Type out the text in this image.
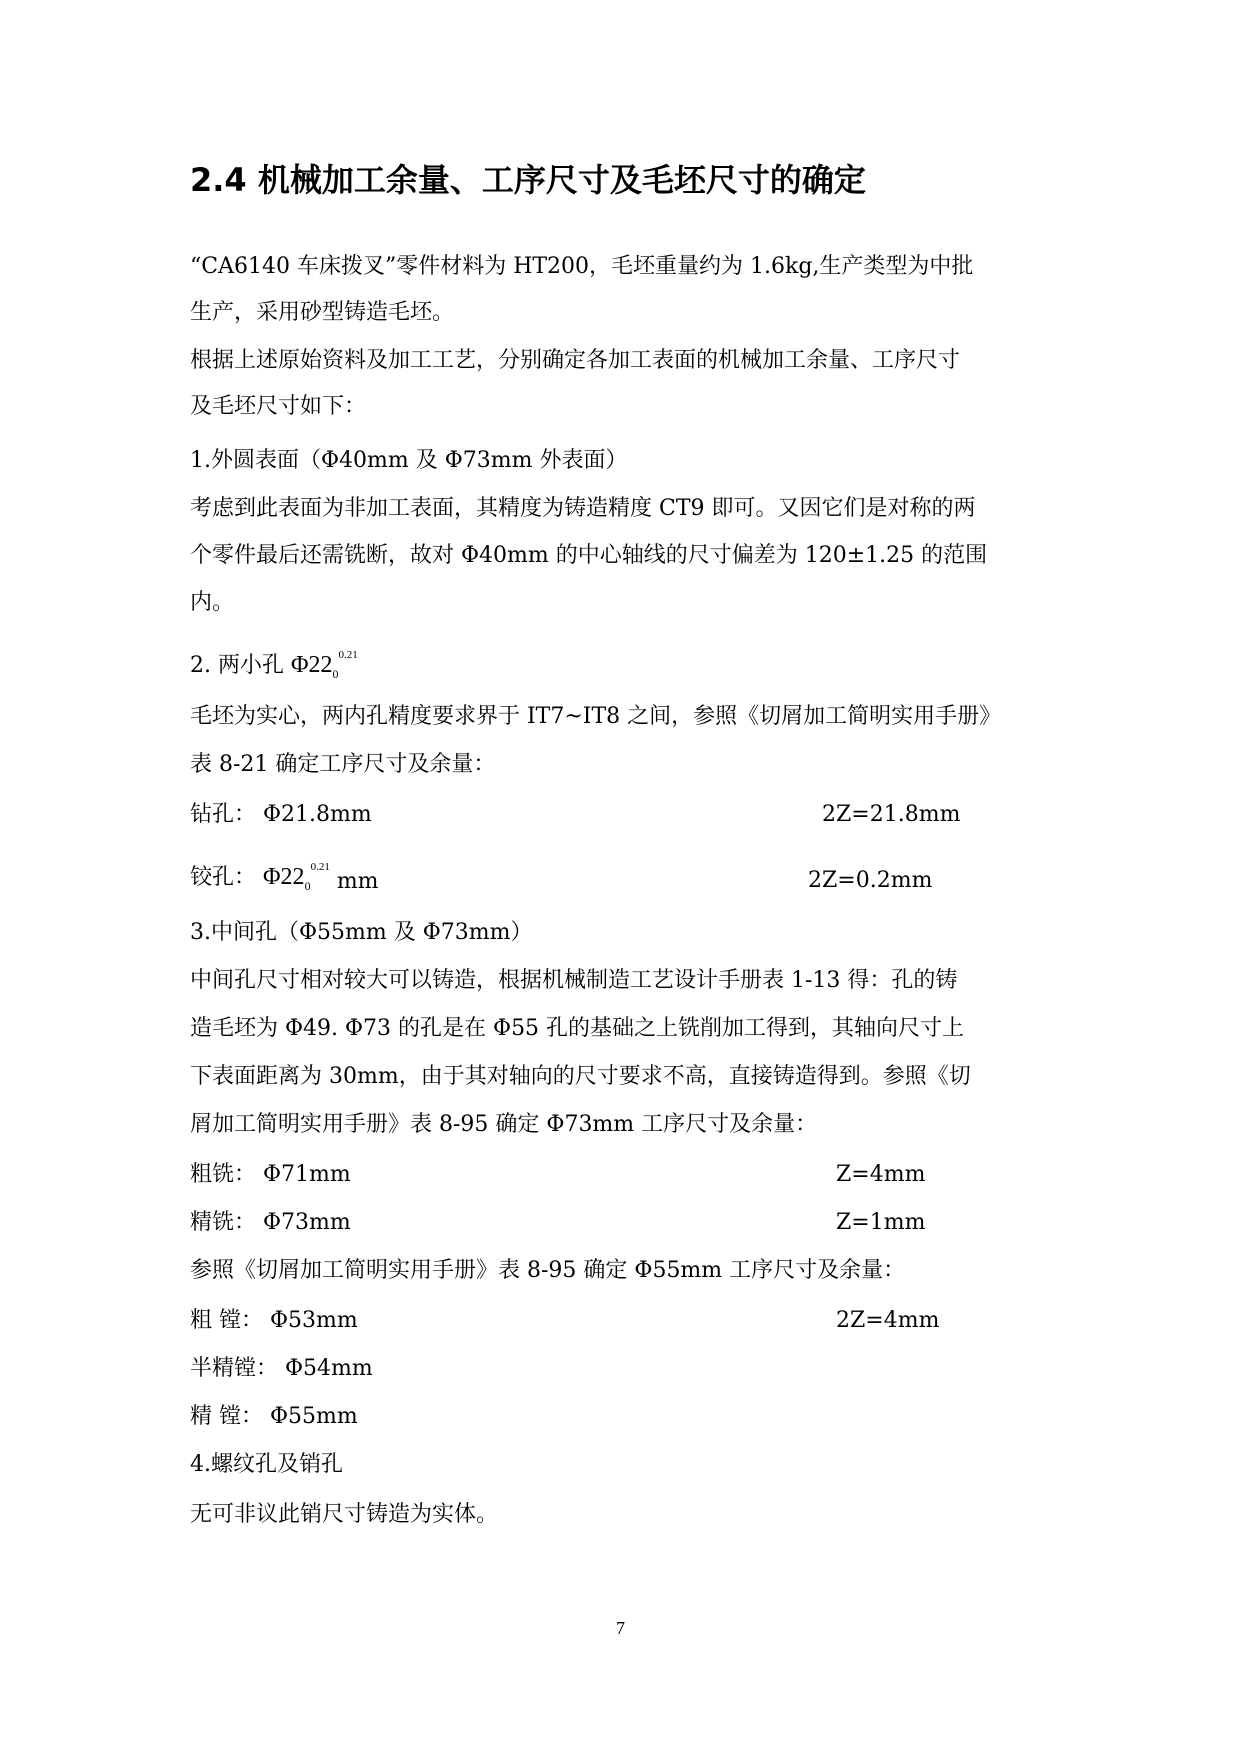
2.4 机械加工余量、工序尺寸及毛坯尺寸的确定
“CA6140 车床拨叉”零件材料为 HT200，毛坯重量约为 1.6kg,生产类型为中批
生产，采用砂型铸造毛坯。
根据上述原始资料及加工工艺，分别确定各加工表面的机械加工余量、工序尺寸
及毛坯尺寸如下：
1.外圆表面（Φ40mm 及 Φ73mm 外表面）
考虑到此表面为非加工表面，其精度为铸造精度 CT9 即可。又因它们是对称的两
个零件最后还需铣断，故对 Φ40mm 的中心轴线的尺寸偏差为 120±1.25 的范围
内。
2. 两小孔 $\Phi 22_0^{0.21}$
毛坯为实心，两内孔精度要求界于 IT7~IT8 之间，参照《切屑加工简明实用手册》
表 8-21 确定工序尺寸及余量：
钻孔： Φ21.8mm	2Z=21.8mm
铰孔： $\Phi 22_0^{0.21}$ mm	2Z=0.2mm
3.中间孔（Φ55mm 及 Φ73mm）
中间孔尺寸相对较大可以铸造，根据机械制造工艺设计手册表 1-13 得：孔的铸
造毛坯为 Φ49. Φ73 的孔是在 Φ55 孔的基础之上铣削加工得到，其轴向尺寸上
下表面距离为 30mm，由于其对轴向的尺寸要求不高，直接铸造得到。参照《切
屑加工简明实用手册》表 8-95 确定 Φ73mm 工序尺寸及余量：
粗铣： Φ71mm	Z=4mm
精铣： Φ73mm	Z=1mm
参照《切屑加工简明实用手册》表 8-95 确定 Φ55mm 工序尺寸及余量：
粗 镗： Φ53mm	2Z=4mm
半精镗： Φ54mm
精 镗： Φ55mm
4.螺纹孔及销孔
无可非议此销尺寸铸造为实体。
7
